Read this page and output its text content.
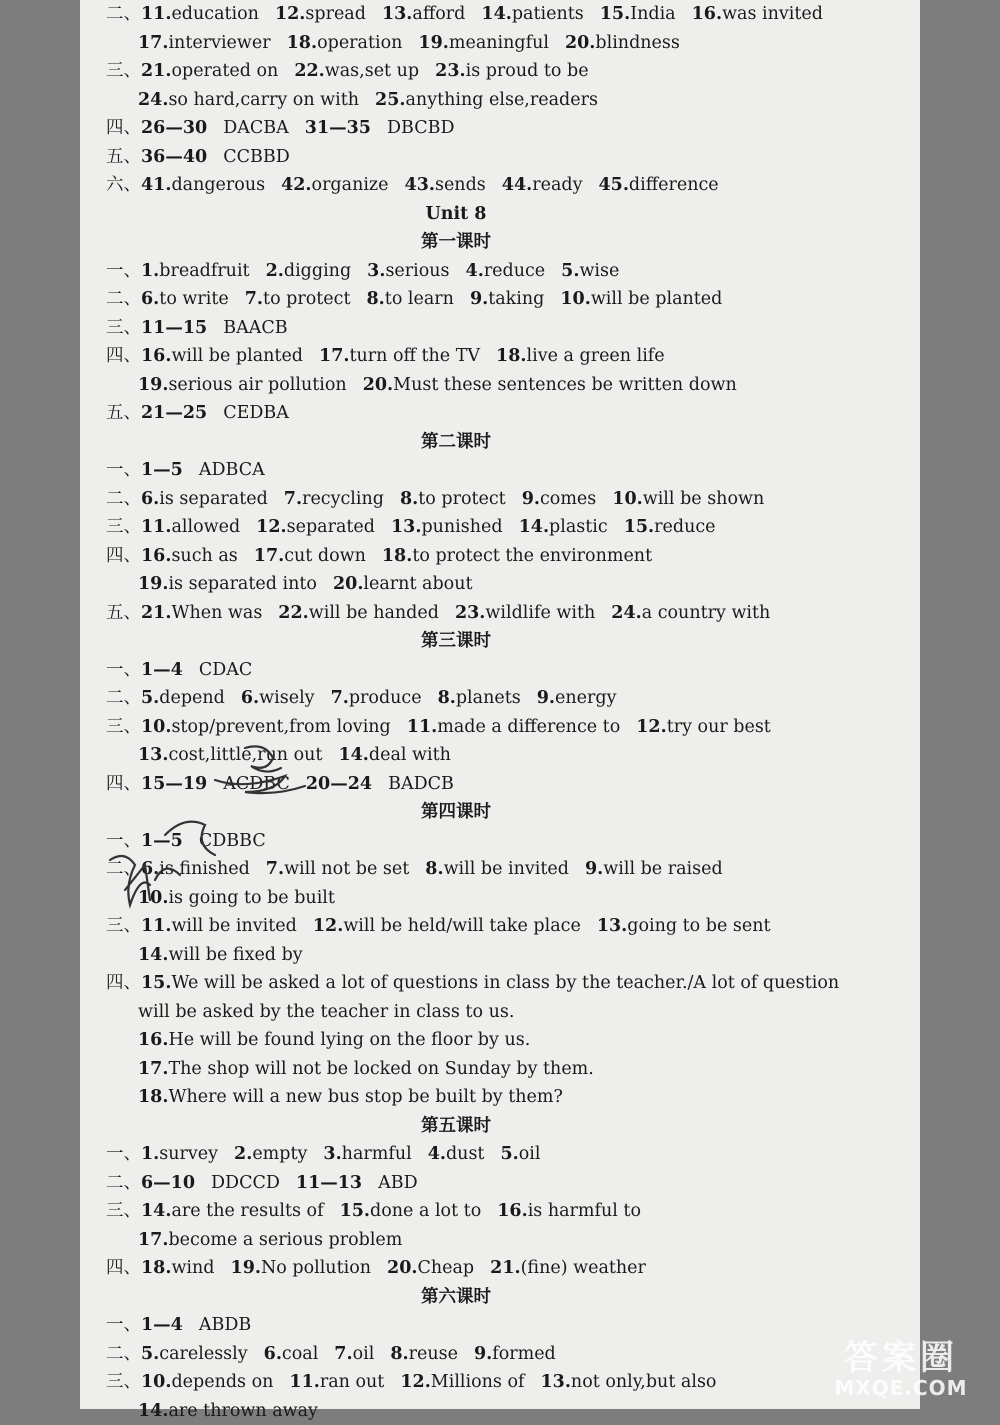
二、11.education 12.spread 13.afford 14.patients 15.India 16.was invited
17.interviewer 18.operation 19.meaningful 20.blindness
三、21.operated on 22.was,set up 23.is proud to be
24.so hard,carry on with 25.anything else,readers
四、26—30 DACBA 31—35 DBCBD
五、36—40 CCBBD
六、41.dangerous 42.organize 43.sends 44.ready 45.difference
Unit 8
第一课时
一、1.breadfruit 2.digging 3.serious 4.reduce 5.wise
二、6.to write 7.to protect 8.to learn 9.taking 10.will be planted
三、11—15 BAACB
四、16.will be planted 17.turn off the TV 18.live a green life
19.serious air pollution 20.Must these sentences be written down
五、21—25 CEDBA
第二课时
一、1—5 ADBCA
二、6.is separated 7.recycling 8.to protect 9.comes 10.will be shown
三、11.allowed 12.separated 13.punished 14.plastic 15.reduce
四、16.such as 17.cut down 18.to protect the environment
19.is separated into 20.learnt about
五、21.When was 22.will be handed 23.wildlife with 24.a country with
第三课时
一、1—4 CDAC
二、5.depend 6.wisely 7.produce 8.planets 9.energy
三、10.stop/prevent,from loving 11.made a difference to 12.try our best
13.cost,little,run out 14.deal with
四、15—19 ACDBC 20—24 BADCB
第四课时
一、1—5 CDBBC
二、6.is finished 7.will not be set 8.will be invited 9.will be raised
10.is going to be built
三、11.will be invited 12.will be held/will take place 13.going to be sent
14.will be fixed by
四、15.We will be asked a lot of questions in class by the teacher./A lot of question
will be asked by the teacher in class to us.
16.He will be found lying on the floor by us.
17.The shop will not be locked on Sunday by them.
18.Where will a new bus stop be built by them?
第五课时
一、1.survey 2.empty 3.harmful 4.dust 5.oil
二、6—10 DDCCD 11—13 ABD
三、14.are the results of 15.done a lot to 16.is harmful to
17.become a serious problem
四、18.wind 19.No pollution 20.Cheap 21.(fine) weather
第六课时
一、1—4 ABDB
二、5.carelessly 6.coal 7.oil 8.reuse 9.formed
三、10.depends on 11.ran out 12.Millions of 13.not only,but also
14.are thrown away
答案圈
MXQE.COM
